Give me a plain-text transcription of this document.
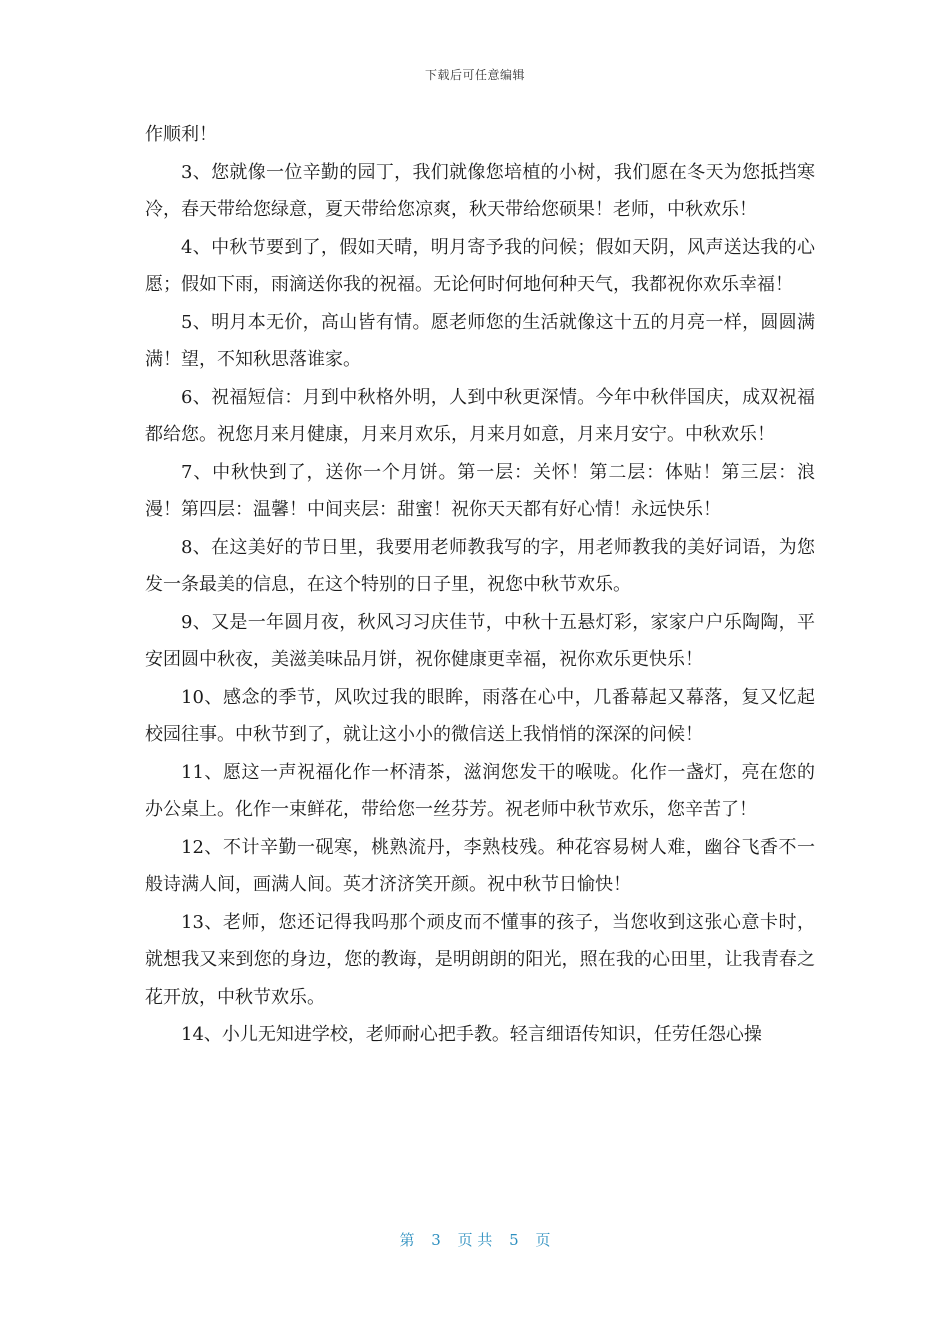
下载后可任意编辑

作顺利！

3、您就像一位辛勤的园丁，我们就像您培植的小树，我们愿在冬天为您抵挡寒冷，春天带给您绿意，夏天带给您凉爽，秋天带给您硕果！老师，中秋欢乐！

4、中秋节要到了，假如天晴，明月寄予我的问候；假如天阴，风声送达我的心愿；假如下雨，雨滴送你我的祝福。无论何时何地何种天气，我都祝你欢乐幸福！

5、明月本无价，高山皆有情。愿老师您的生活就像这十五的月亮一样，圆圆满满！望，不知秋思落谁家。

6、祝福短信：月到中秋格外明，人到中秋更深情。今年中秋伴国庆，成双祝福都给您。祝您月来月健康，月来月欢乐，月来月如意，月来月安宁。中秋欢乐！

7、中秋快到了，送你一个月饼。第一层：关怀！第二层：体贴！第三层：浪漫！第四层：温馨！中间夹层：甜蜜！祝你天天都有好心情！永远快乐！

8、在这美好的节日里，我要用老师教我写的字，用老师教我的美好词语，为您发一条最美的信息，在这个特别的日子里，祝您中秋节欢乐。

9、又是一年圆月夜，秋风习习庆佳节，中秋十五悬灯彩，家家户户乐陶陶，平安团圆中秋夜，美滋美味品月饼，祝你健康更幸福，祝你欢乐更快乐！

10、感念的季节，风吹过我的眼眸，雨落在心中，几番幕起又幕落，复又忆起校园往事。中秋节到了，就让这小小的微信送上我悄悄的深深的问候！

11、愿这一声祝福化作一杯清茶，滋润您发干的喉咙。化作一盏灯，亮在您的办公桌上。化作一束鲜花，带给您一丝芬芳。祝老师中秋节欢乐，您辛苦了！

12、不计辛勤一砚寒，桃熟流丹，李熟枝残。种花容易树人难，幽谷飞香不一般诗满人间，画满人间。英才济济笑开颜。祝中秋节日愉快！

13、老师，您还记得我吗那个顽皮而不懂事的孩子，当您收到这张心意卡时，就想我又来到您的身边，您的教诲，是明朗朗的阳光，照在我的心田里，让我青春之花开放，中秋节欢乐。

14、小儿无知进学校，老师耐心把手教。轻言细语传知识，任劳任怨心操

第 3 页 共 5 页
